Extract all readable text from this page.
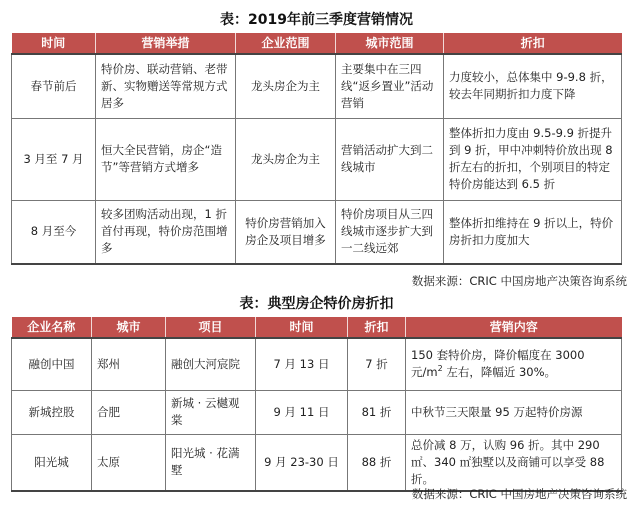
表：2019年前三季度营销情况
时间	营销举措	企业范围	城市范围	折扣
春节前后	特价房、联动营销、老带新、实物赠送等常规方式居多	龙头房企为主	主要集中在三四线“返乡置业”活动营销	力度较小，总体集中 9-9.8 折，较去年同期折扣力度下降
3 月至 7 月	恒大全民营销，房企“造节”等营销方式增多	龙头房企为主	营销活动扩大到二线城市	整体折扣力度由 9.5-9.9 折提升到 9 折，甲中冲刺特价放出现 8 折左右的折扣，个别项目的特定特价房能达到 6.5 折
8 月至今	较多团购活动出现，1 折首付再现，特价房范围增多	特价房营销加入房企及项目增多	特价房项目从三四线城市逐步扩大到一二线远郊	整体折扣维持在 9 折以上，特价房折扣力度加大
数据来源：CRIC 中国房地产决策咨询系统
表：典型房企特价房折扣
企业名称	城市	项目	时间	折扣	营销内容
融创中国	郑州	融创大河宸院	7 月 13 日	7 折	150 套特价房，降价幅度在 3000 元$/m^2$ 左右，降幅近 30%。
新城控股	合肥	新城 · 云樾观棠	9 月 11 日	81 折	中秋节三天限量 95 万起特价房源
阳光城	太原	阳光城 · 花满墅	9 月 23-30 日	88 折	总价减 8 万，认购 96 折。其中 290 ㎡、340 ㎡独墅以及商铺可以享受 88 折。
数据来源：CRIC 中国房地产决策咨询系统
